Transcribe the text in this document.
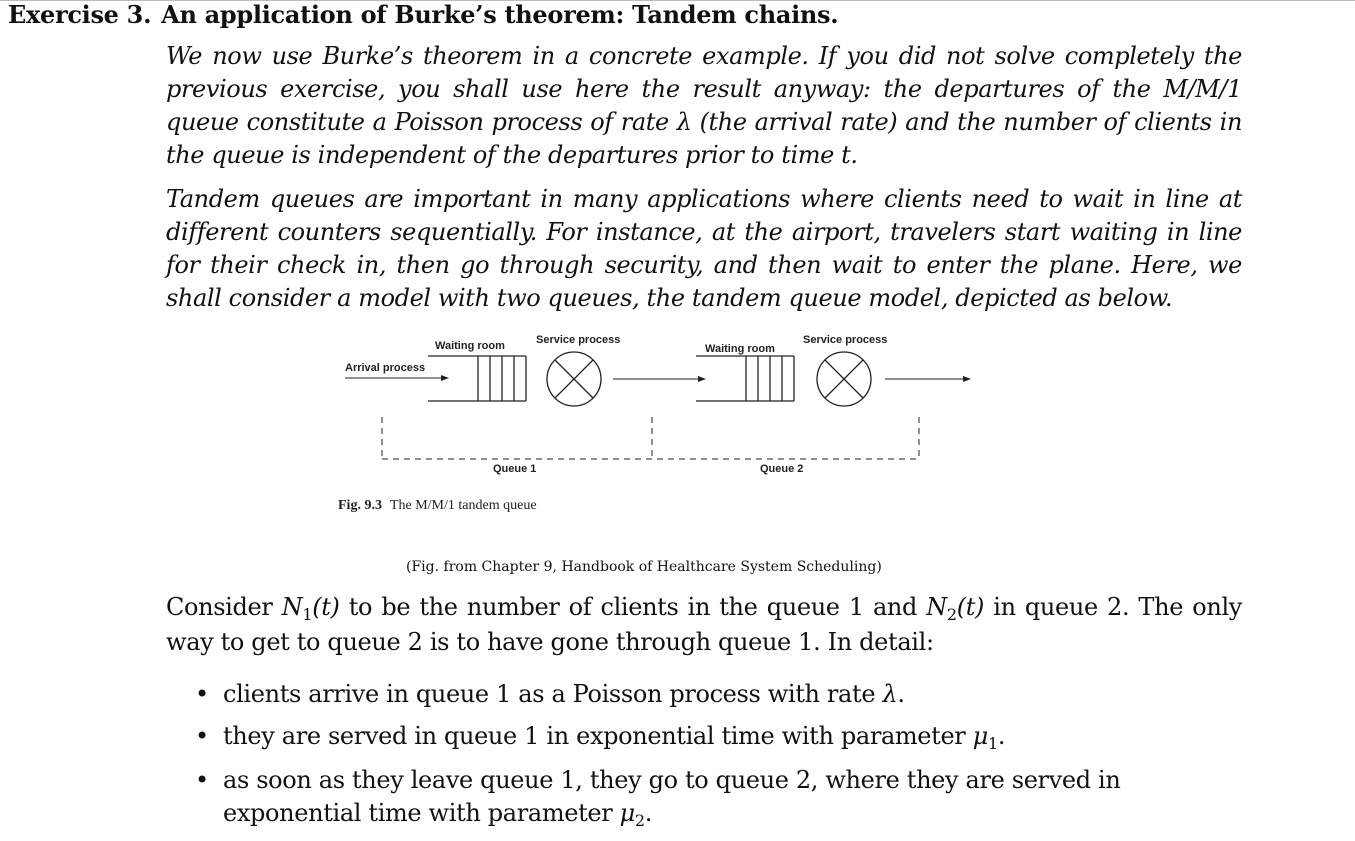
Exercise 3. An application of Burke’s theorem: Tandem chains.
We now use Burke’s theorem in a concrete example. If you did not solve completely the previous exercise, you shall use here the result anyway: the departures of the M/M/1 queue constitute a Poisson process of rate λ (the arrival rate) and the number of clients in the queue is independent of the departures prior to time t.
Tandem queues are important in many applications where clients need to wait in line at different counters sequentially. For instance, at the airport, travelers start waiting in line for their check in, then go through security, and then wait to enter the plane. Here, we shall consider a model with two queues, the tandem queue model, depicted as below.
Waiting room	Service process
Waiting room
Service process
Arrival process
Queue 1	Queue 2
Fig. 9.3 The M/M/1 tandem queue
(Fig. from Chapter 9, Handbook of Healthcare System Scheduling)
Consider $N_1(t)$ to be the number of clients in the queue 1 and $N_2(t)$ in queue 2. The only way to get to queue 2 is to have gone through queue 1. In detail:
• clients arrive in queue 1 as a Poisson process with rate λ.
• they are served in queue 1 in exponential time with parameter $\mu_1$.
• as soon as they leave queue 1, they go to queue 2, where they are served in exponential time with parameter $\mu_2$.
